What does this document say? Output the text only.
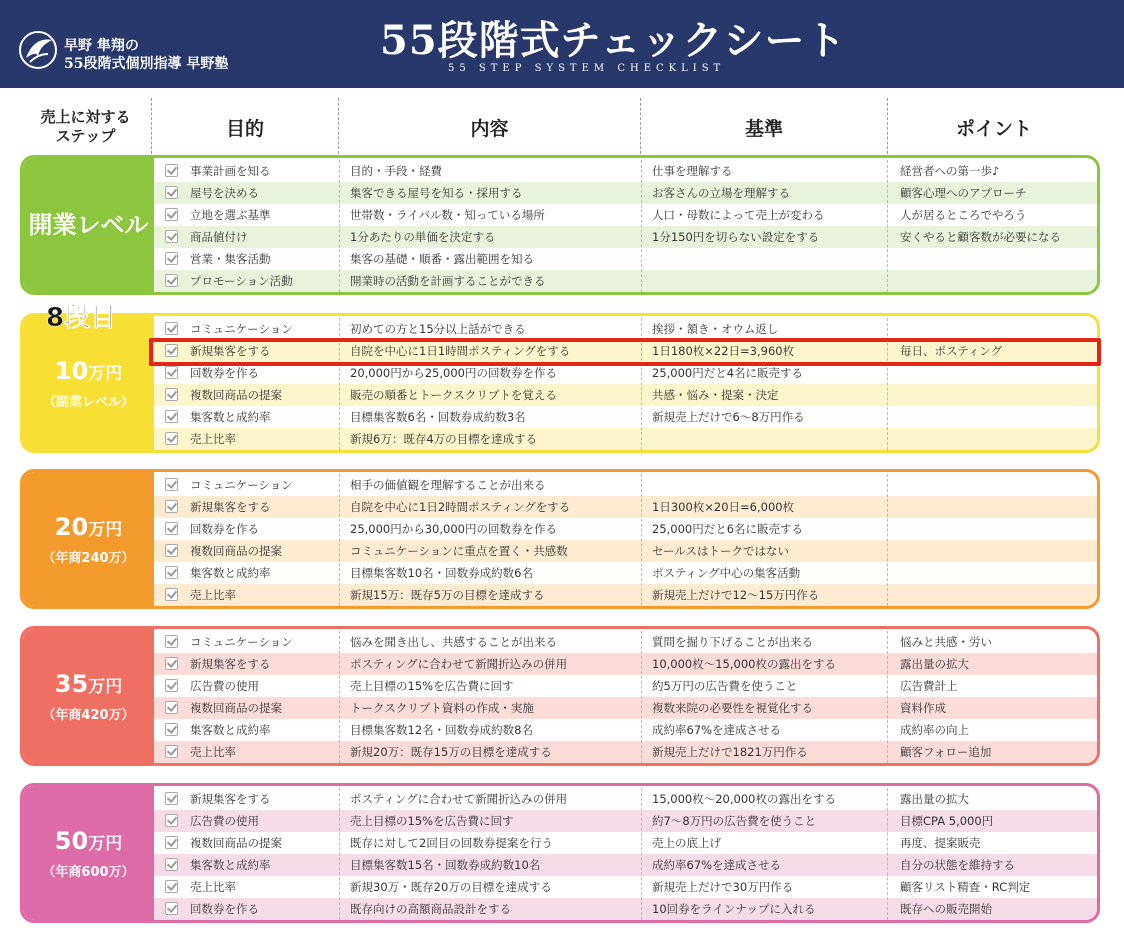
早野 隼翔の
55段階式個別指導 早野塾	55段階式チェックシート
55 STEP SYSTEM CHECKLIST
売上に対する
ステップ	目的	内容	基準	ポイント
開業レベル
事業計画を知る	目的・手段・経費	仕事を理解する	経営者への第一歩♪
屋号を決める	集客できる屋号を知る・採用する	お客さんの立場を理解する	顧客心理へのアプローチ
立地を選ぶ基準	世帯数・ライバル数・知っている場所	人口・母数によって売上が変わる	人が居るところでやろう
商品値付け	1分あたりの単価を決定する	1分150円を切らない設定をする	安くやると顧客数が必要になる
営業・集客活動	集客の基礎・順番・露出範囲を知る
プロモーション活動	開業時の活動を計画することができる
10万円
（副業レベル）
コミュニケーション	初めての方と15分以上話ができる	挨拶・頷き・オウム返し
新規集客をする	自院を中心に1日1時間ポスティングをする	1日180枚×22日=3,960枚	毎日、ポスティング
回数券を作る	20,000円から25,000円の回数券を作る	25,000円だと4名に販売する
複数回商品の提案	販売の順番とトークスクリプトを覚える	共感・悩み・提案・決定
集客数と成約率	目標集客数6名・回数券成約数3名	新規売上だけで6〜8万円作る
売上比率	新規6万：既存4万の目標を達成する
20万円
（年商240万）
コミュニケーション	相手の価値観を理解することが出来る
新規集客をする	自院を中心に1日2時間ポスティングをする	1日300枚×20日=6,000枚
回数券を作る	25,000円から30,000円の回数券を作る	25,000円だと6名に販売する
複数回商品の提案	コミュニケーションに重点を置く・共感数	セールスはトークではない
集客数と成約率	目標集客数10名・回数券成約数6名	ポスティング中心の集客活動
売上比率	新規15万：既存5万の目標を達成する	新規売上だけで12〜15万円作る
35万円
（年商420万）
コミュニケーション	悩みを聞き出し、共感することが出来る	質問を掘り下げることが出来る	悩みと共感・労い
新規集客をする	ポスティングに合わせて新聞折込みの併用	10,000枚〜15,000枚の露出をする	露出量の拡大
広告費の使用	売上目標の15%を広告費に回す	約5万円の広告費を使うこと	広告費計上
複数回商品の提案	トークスクリプト資料の作成・実施	複数来院の必要性を視覚化する	資料作成
集客数と成約率	目標集客数12名・回数券成約数8名	成約率67%を達成させる	成約率の向上
売上比率	新規20万：既存15万の目標を達成する	新規売上だけで1821万円作る	顧客フォロー追加
50万円
（年商600万）
新規集客をする	ポスティングに合わせて新聞折込みの併用	15,000枚〜20,000枚の露出をする	露出量の拡大
広告費の使用	売上目標の15%を広告費に回す	約7〜8万円の広告費を使うこと	目標CPA 5,000円
複数回商品の提案	既存に対して2回目の回数券提案を行う	売上の底上げ	再度、提案販売
集客数と成約率	目標集客数15名・回数券成約数10名	成約率67%を達成させる	自分の状態を維持する
売上比率	新規30万・既存20万の目標を達成する	新規売上だけで30万円作る	顧客リスト精査・RC判定
回数券を作る	既存向けの高額商品設計をする	10回券をラインナップに入れる	既存への販売開始
8段目
